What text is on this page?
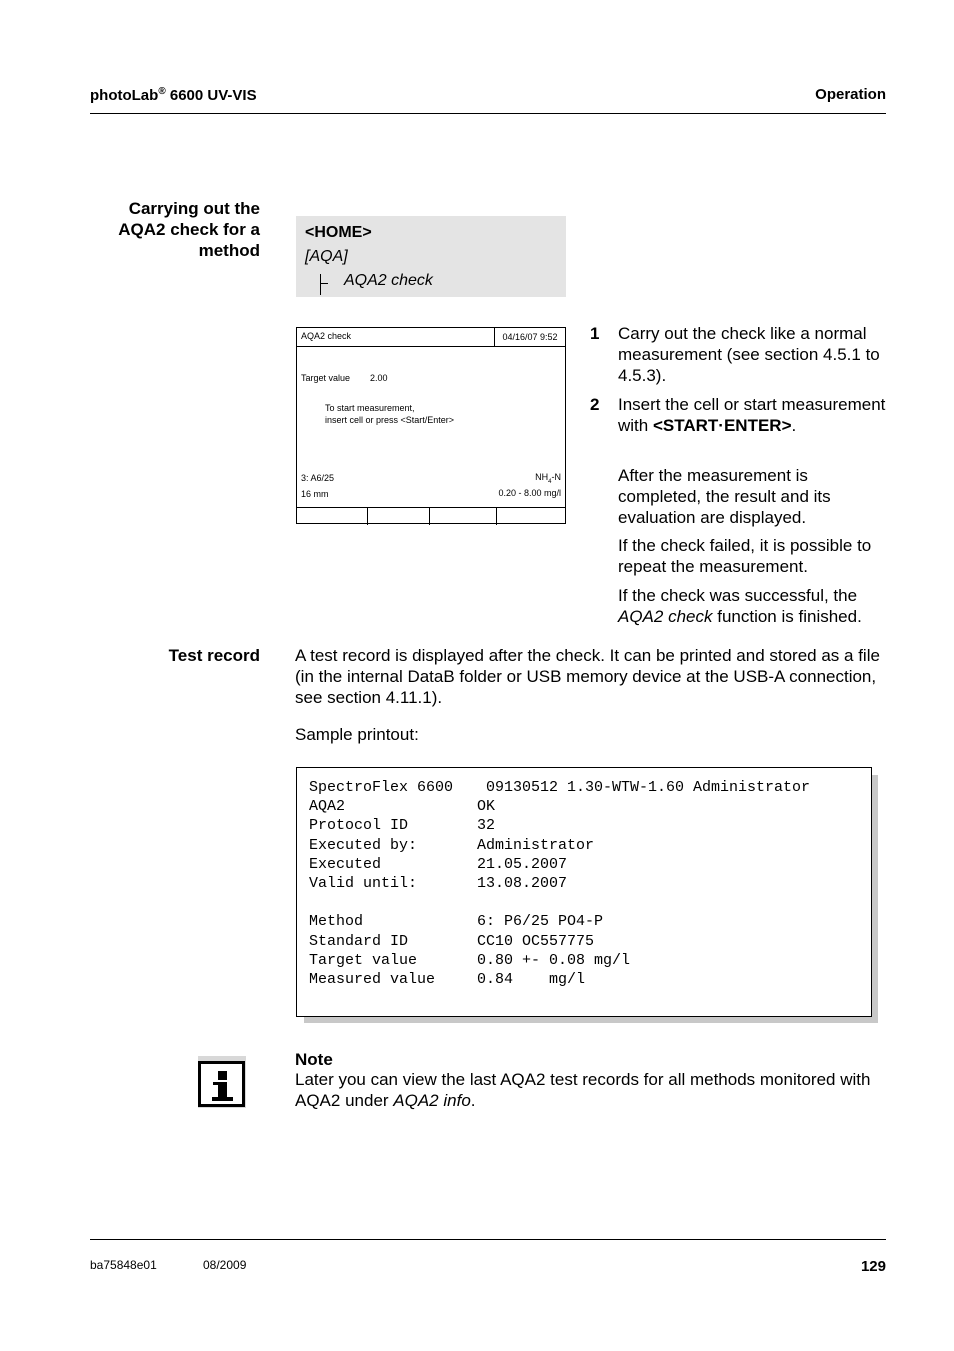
photoLab® 6600 UV-VIS	Operation
Carrying out the
AQA2 check for a
method
<HOME>
[AQA]
AQA2 check
AQA2 check	04/16/07 9:52
Target value 2.00
To start measurement,
insert cell or press <Start/Enter>
3: A6/25
16 mm
$NH_4-N$
0.20 - 8.00 mg/l
1 Carry out the check like a normal measurement (see section 4.5.1 to 4.5.3).
2 Insert the cell or start measurement with <START·ENTER>.
After the measurement is completed, the result and its evaluation are displayed.
If the check failed, it is possible to repeat the measurement.
If the check was successful, the AQA2 check function is finished.
Test record A test record is displayed after the check. It can be printed and stored as a file (in the internal DataB folder or USB memory device at the USB-A connection, see section 4.11.1).
Sample printout:
SpectroFlex 6600	09130512 1.30-WTW-1.60 Administrator
AQA2	OK
Protocol ID	32
Executed by:	Administrator
Executed	21.05.2007
Valid until:	13.08.2007

Method	6: P6/25 PO4-P
Standard ID	CC10 OC557775
Target value	0.80 +- 0.08 mg/l
Measured value	0.84    mg/l
Note
Later you can view the last AQA2 test records for all methods monitored with AQA2 under AQA2 info.
ba75848e01	08/2009	129
